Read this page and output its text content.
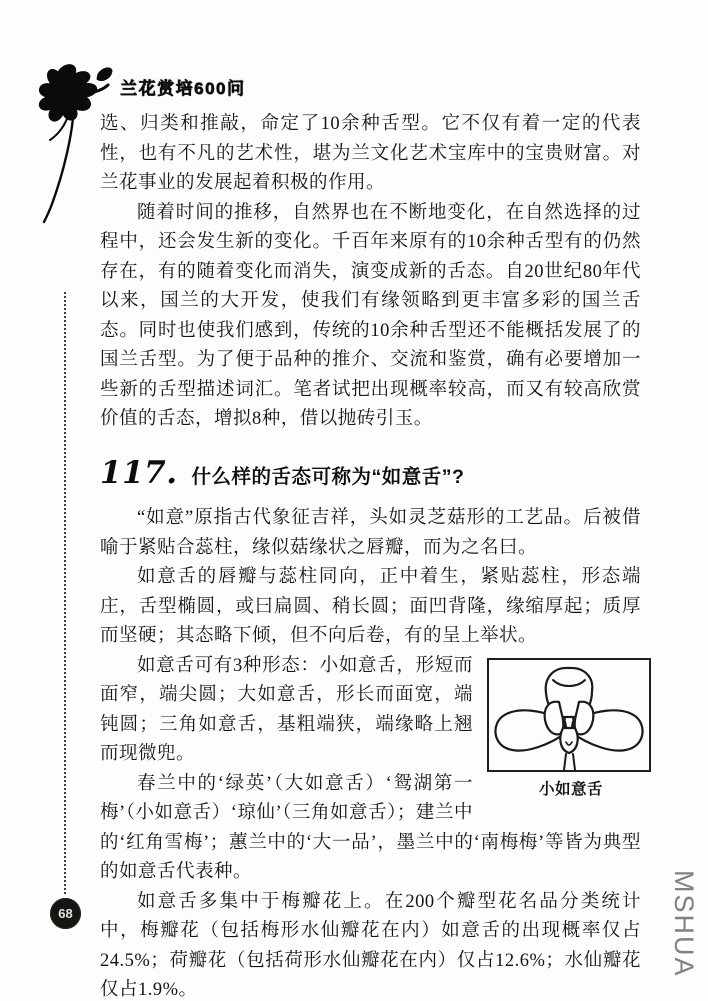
兰花赏培600问
68	MSHUA

选、归类和推敲，命定了10余种舌型。它不仅有着一定的代表性，也有不凡的艺术性，堪为兰文化艺术宝库中的宝贵财富。对兰花事业的发展起着积极的作用。

随着时间的推移，自然界也在不断地变化，在自然选择的过程中，还会发生新的变化。千百年来原有的10余种舌型有的仍然存在，有的随着变化而消失，演变成新的舌态。自20世纪80年代以来，国兰的大开发，使我们有缘领略到更丰富多彩的国兰舌态。同时也使我们感到，传统的10余种舌型还不能概括发展了的国兰舌型。为了便于品种的推介、交流和鉴赏，确有必要增加一些新的舌型描述词汇。笔者试把出现概率较高，而又有较高欣赏价值的舌态，增拟8种，借以抛砖引玉。

117. 什么样的舌态可称为“如意舌”?

“如意”原指古代象征吉祥，头如灵芝菇形的工艺品。后被借喻于紧贴合蕊柱，缘似菇缘状之唇瓣，而为之名曰。

如意舌的唇瓣与蕊柱同向，正中着生，紧贴蕊柱，形态端庄，舌型椭圆，或曰扁圆、稍长圆；面凹背隆，缘缩厚起；质厚而坚硬；其态略下倾，但不向后卷，有的呈上举状。

小如意舌

如意舌可有3种形态：小如意舌，形短而面窄，端尖圆；大如意舌，形长而面宽，端钝圆；三角如意舌，基粗端狭，端缘略上翘而现微兜。

春兰中的‘绿英’（大如意舌）‘鸳湖第一梅’（小如意舌）‘琼仙’（三角如意舌）；建兰中的‘红角雪梅’；蕙兰中的‘大一品’，墨兰中的‘南梅梅’等皆为典型的如意舌代表种。

如意舌多集中于梅瓣花上。在200个瓣型花名品分类统计中，梅瓣花（包括梅形水仙瓣花在内）如意舌的出现概率仅占24.5%；荷瓣花（包括荷形水仙瓣花在内）仅占12.6%；水仙瓣花仅占1.9%。
